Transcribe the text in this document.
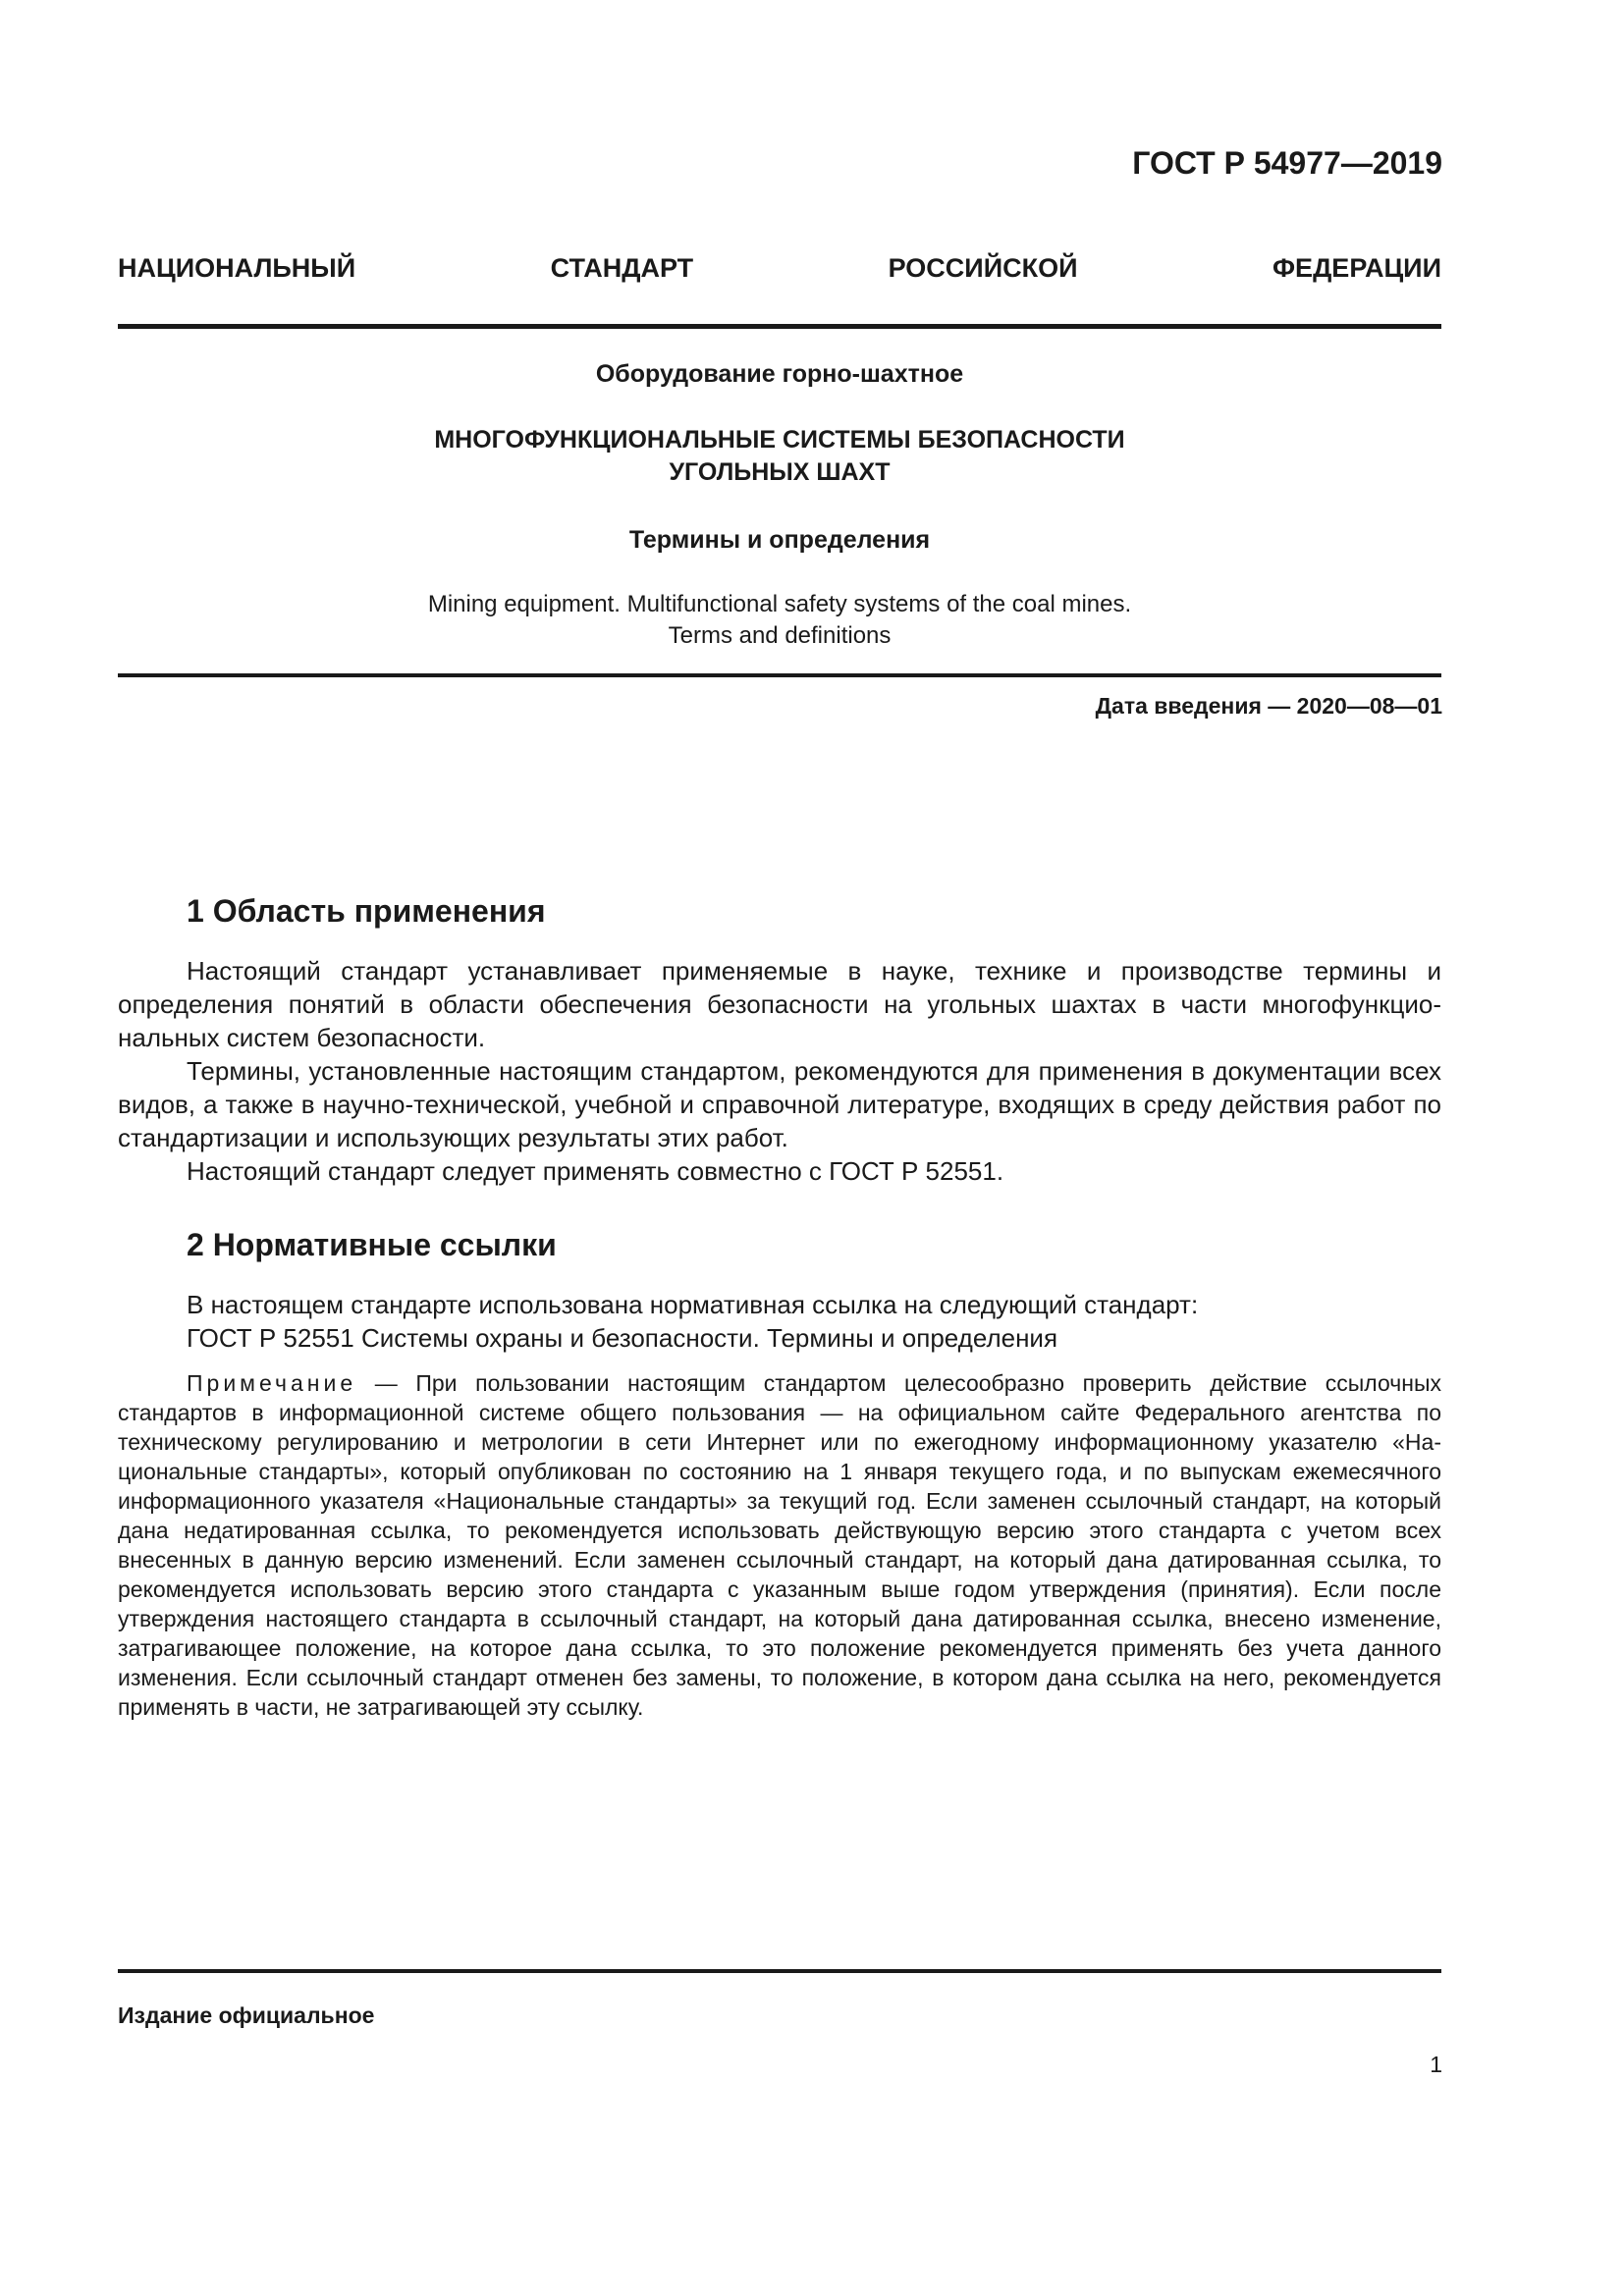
ГОСТ Р 54977—2019
НАЦИОНАЛЬНЫЙ	СТАНДАРТ	РОССИЙСКОЙ	ФЕДЕРАЦИИ
Оборудование горно-шахтное
МНОГОФУНКЦИОНАЛЬНЫЕ СИСТЕМЫ БЕЗОПАСНОСТИ
УГОЛЬНЫХ ШАХТ
Термины и определения
Mining equipment. Multifunctional safety systems of the coal mines.
Terms and definitions
Дата введения — 2020—08—01
1 Область применения

Настоящий стандарт устанавливает применяемые в науке, технике и производстве термины и определения понятий в области обеспечения безопасности на угольных шахтах в части многофункциональных систем безопасности.

Термины, установленные настоящим стандартом, рекомендуются для применения в документации всех видов, а также в научно-технической, учебной и справочной литературе, входящих в среду действия работ по стандартизации и использующих результаты этих работ.

Настоящий стандарт следует применять совместно с ГОСТ Р 52551.

2 Нормативные ссылки

В настоящем стандарте использована нормативная ссылка на следующий стандарт:

ГОСТ Р 52551 Системы охраны и безопасности. Термины и определения

Примечание — При пользовании настоящим стандартом целесообразно проверить действие ссылочных стандартов в информационной системе общего пользования — на официальном сайте Федерального агентства по техническому регулированию и метрологии в сети Интернет или по ежегодному информационному указателю «Национальные стандарты», который опубликован по состоянию на 1 января текущего года, и по выпускам ежемесячного информационного указателя «Национальные стандарты» за текущий год. Если заменен ссылочный стандарт, на который дана недатированная ссылка, то рекомендуется использовать действующую версию этого стандарта с учетом всех внесенных в данную версию изменений. Если заменен ссылочный стандарт, на который дана датированная ссылка, то рекомендуется использовать версию этого стандарта с указанным выше годом утверждения (принятия). Если после утверждения настоящего стандарта в ссылочный стандарт, на который дана датированная ссылка, внесено изменение, затрагивающее положение, на которое дана ссылка, то это положение рекомендуется применять без учета данного изменения. Если ссылочный стандарт отменен без замены, то положение, в котором дана ссылка на него, рекомендуется применять в части, не затрагивающей эту ссылку.

Издание официальное
1
